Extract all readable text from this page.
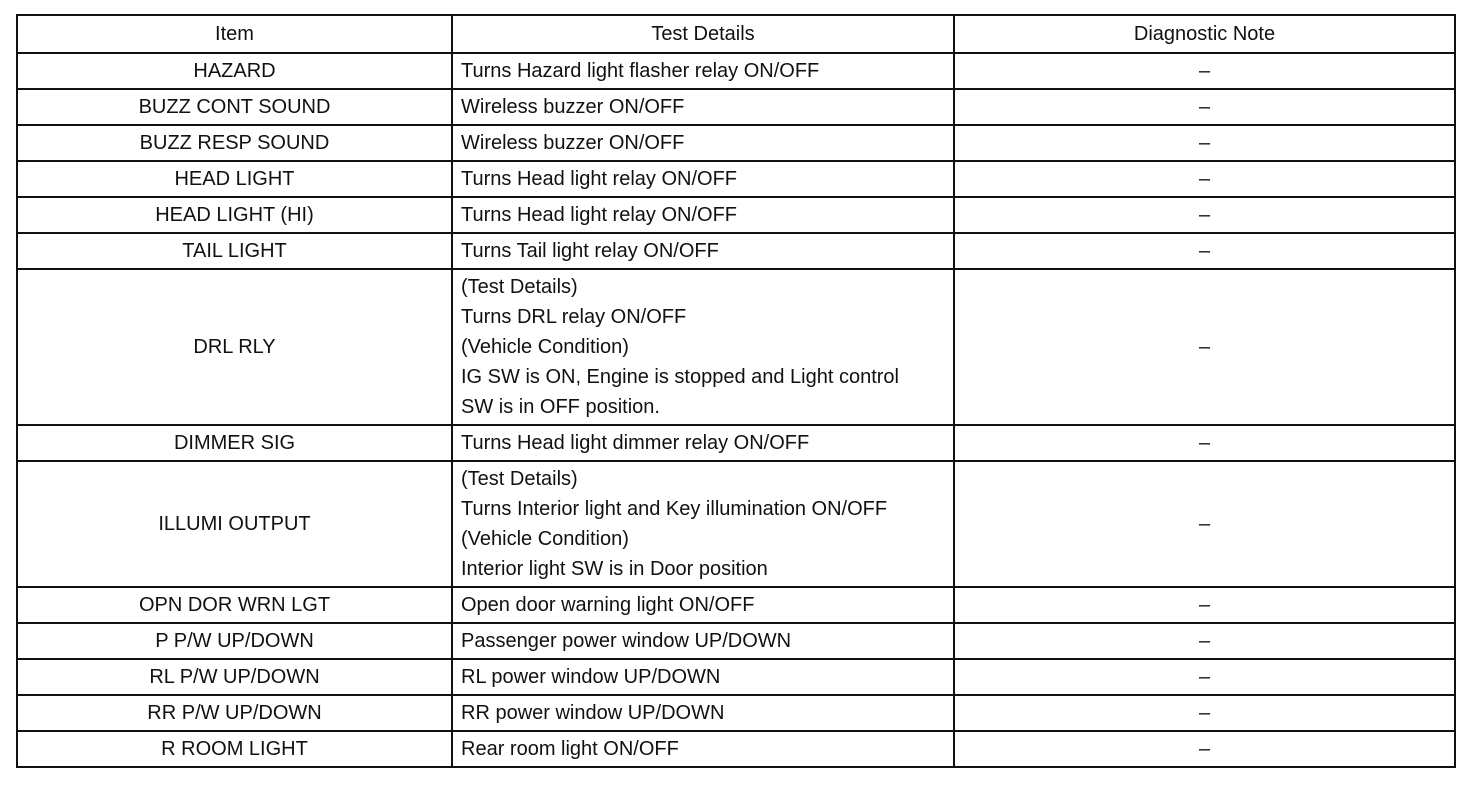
Item	Test Details	Diagnostic Note
HAZARD	Turns Hazard light flasher relay ON/OFF	–
BUZZ CONT SOUND	Wireless buzzer ON/OFF	–
BUZZ RESP SOUND	Wireless buzzer ON/OFF	–
HEAD LIGHT	Turns Head light relay ON/OFF	–
HEAD LIGHT (HI)	Turns Head light relay ON/OFF	–
TAIL LIGHT	Turns Tail light relay ON/OFF	–
DRL RLY	(Test Details)
Turns DRL relay ON/OFF
(Vehicle Condition)
IG SW is ON, Engine is stopped and Light control
SW is in OFF position.	–
DIMMER SIG	Turns Head light dimmer relay ON/OFF	–
ILLUMI OUTPUT	(Test Details)
Turns Interior light and Key illumination ON/OFF
(Vehicle Condition)
Interior light SW is in Door position	–
OPN DOR WRN LGT	Open door warning light ON/OFF	–
P P/W UP/DOWN	Passenger power window UP/DOWN	–
RL P/W UP/DOWN	RL power window UP/DOWN	–
RR P/W UP/DOWN	RR power window UP/DOWN	–
R ROOM LIGHT	Rear room light ON/OFF	–
